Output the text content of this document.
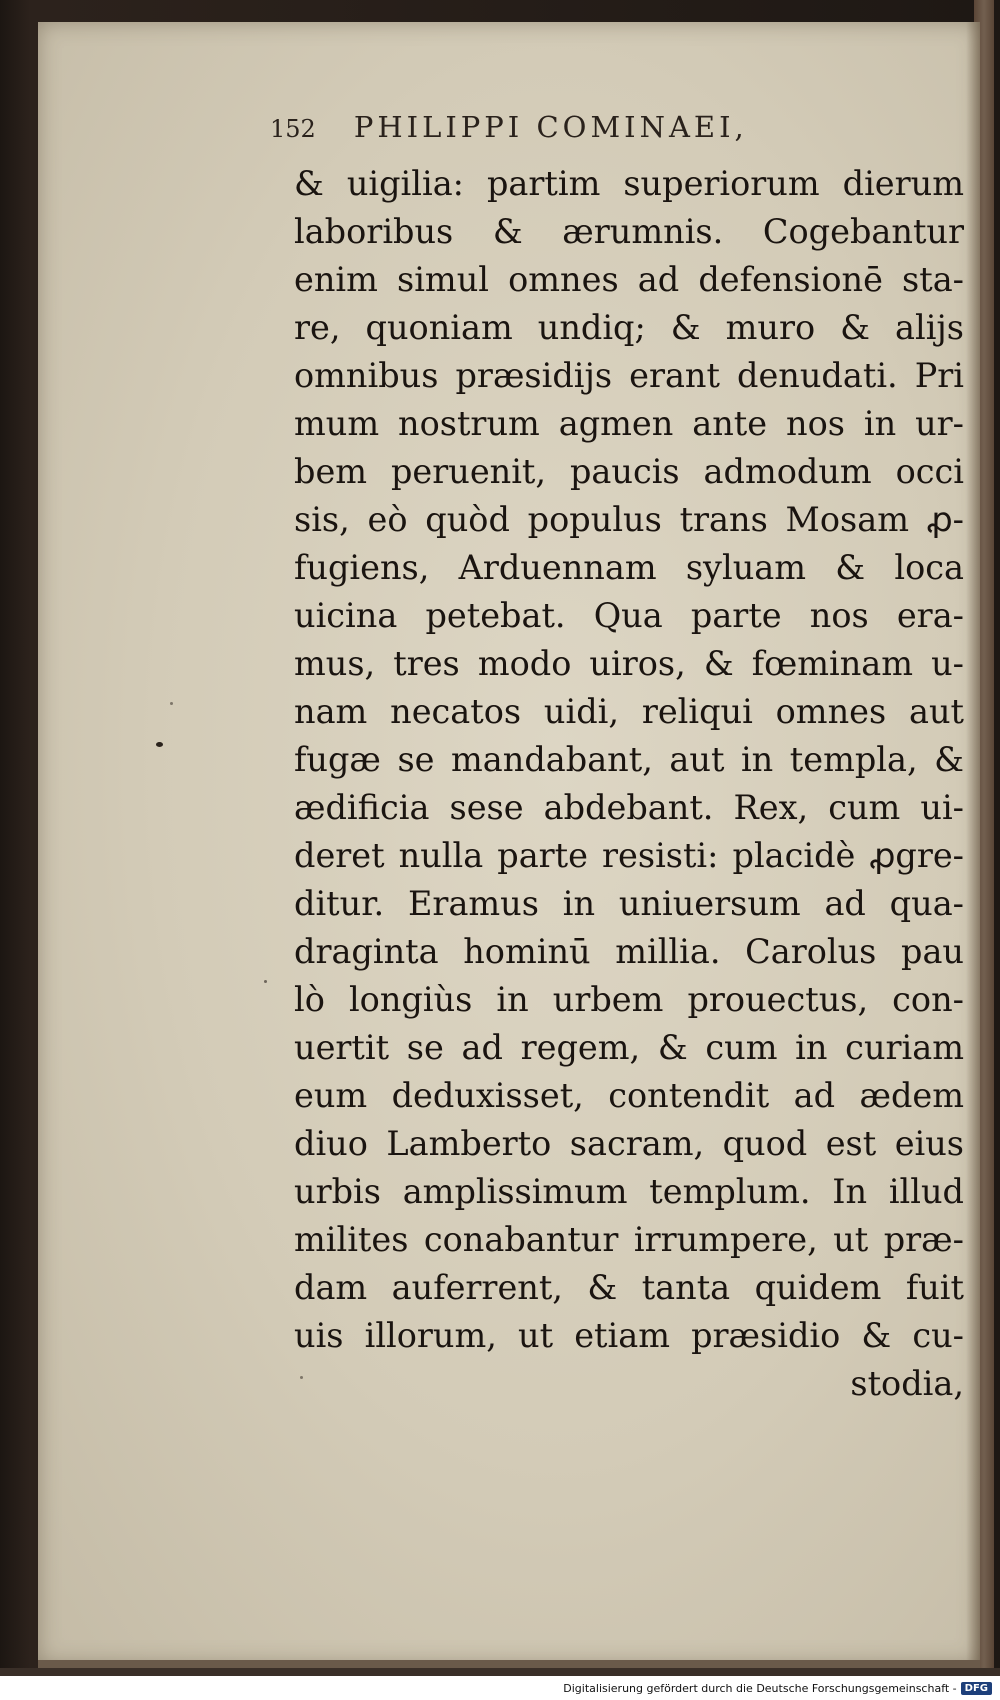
152 PHILIPPI COMINAEI,
& uigilia: partim superiorum dierum
laboribus & ærumnis. Cogebantur
enim simul omnes ad defensionē sta-
re, quoniam undiq; & muro & alijs
omnibus præsidijs erant denudati. Pri
mum nostrum agmen ante nos in ur-
bem peruenit, paucis admodum occi
sis, eò quòd populus trans Mosam ꝓ-
fugiens, Arduennam syluam & loca
uicina petebat. Qua parte nos era-
mus, tres modo uiros, & fœminam u-
nam necatos uidi, reliqui omnes aut
fugæ se mandabant, aut in templa, &
ædificia sese abdebant. Rex, cum ui-
deret nulla parte resisti: placidè ꝓgre-
ditur. Eramus in uniuersum ad qua-
draginta hominū millia. Carolus pau
lò longiùs in urbem prouectus, con-
uertit se ad regem, & cum in curiam
eum deduxisset, contendit ad ædem
diuo Lamberto sacram, quod est eius
urbis amplissimum templum. In illud
milites conabantur irrumpere, ut præ-
dam auferrent, & tanta quidem fuit
uis illorum, ut etiam præsidio & cu-
stodia,
Digitalisierung gefördert durch die Deutsche Forschungsgemeinschaft - DFG
